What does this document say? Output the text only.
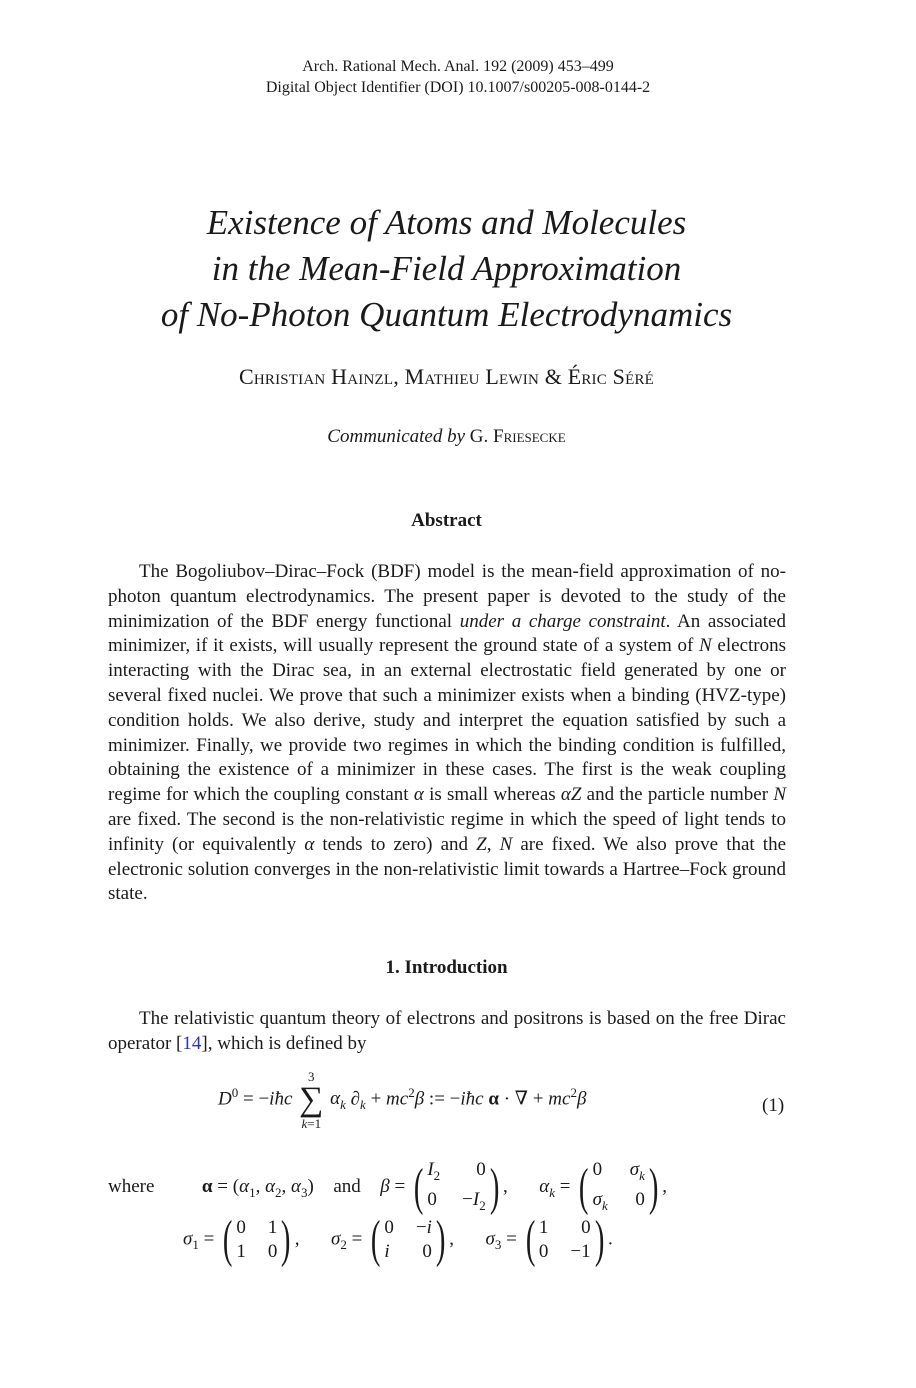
Arch. Rational Mech. Anal. 192 (2009) 453–499
Digital Object Identifier (DOI) 10.1007/s00205-008-0144-2
Existence of Atoms and Molecules
in the Mean-Field Approximation
of No-Photon Quantum Electrodynamics
Christian Hainzl, Mathieu Lewin & Éric Séré
Communicated by G. Friesecke
Abstract
The Bogoliubov–Dirac–Fock (BDF) model is the mean-field approximation of no-photon quantum electrodynamics. The present paper is devoted to the study of the minimization of the BDF energy functional under a charge constraint. An associated minimizer, if it exists, will usually represent the ground state of a system of N electrons interacting with the Dirac sea, in an external electrostatic field generated by one or several fixed nuclei. We prove that such a minimizer exists when a binding (HVZ-type) condition holds. We also derive, study and interpret the equation satisfied by such a minimizer. Finally, we provide two regimes in which the binding condition is fulfilled, obtaining the existence of a minimizer in these cases. The first is the weak coupling regime for which the coupling constant α is small whereas αZ and the particle number N are fixed. The second is the non-relativistic regime in which the speed of light tends to infinity (or equivalently α tends to zero) and Z, N are fixed. We also prove that the electronic solution converges in the non-relativistic limit towards a Hartree–Fock ground state.
1. Introduction
The relativistic quantum theory of electrons and positrons is based on the free Dirac operator [14], which is defined by
$D^0$ = −iħc
3
∑
k=1
$\alpha_k$ $\partial_k + mc^2\beta$ := −iħc α · ∇ + $mc^2\beta$	(1)
where	$\alpha = (\alpha_1$, $\alpha_2$, $\alpha_3$)  and β = ( $I_2$	0
$0 -I_2$ ) ,  $\alpha_k$ = ( 0 $\sigma_k$
$\sigma_k$ 0 ) ,
$\sigma_1$ = ( 0 1
1 0 ) ,  $\sigma_2$ = ( 0 −i
i	0 ) ,  $\sigma_3$ = ( 1	0
0 −1 ) .
